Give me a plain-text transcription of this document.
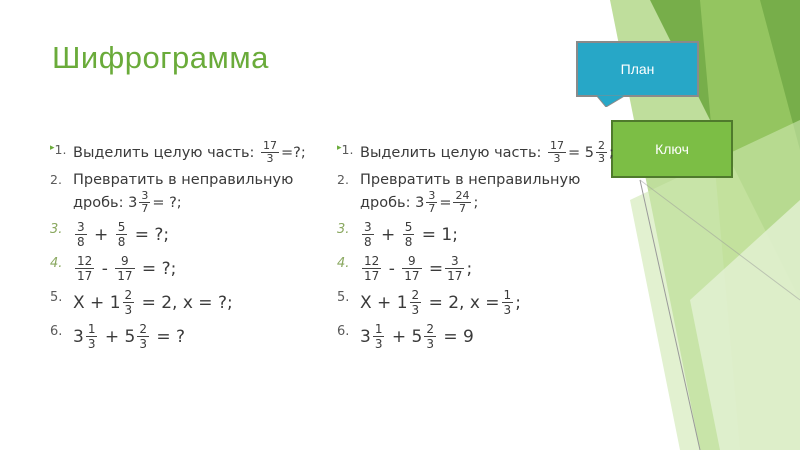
Шифрограмма	План
Ключ
▸ 1. Выделить целую часть:
$\frac{17}{3}$ =?;
2. Превратить в неправильную
дробь: $3 \frac{3}{7}$ = ?;
3. $\frac{3}{8}$
+
$\frac{5}{8}$
= ?;
4. $\frac{12}{17}$
-
$\frac{9}{17}$
= ?;
5. $X + 1 \frac{2}{3}$
= 2, x = ?;
6. $3 \frac{1}{3}$
+ $5 \frac{2}{3}$
= ?
▸ 1. Выделить целую часть:
$\frac{17}{3} = 5 \frac{2}{3}$ ;
2. Превратить в неправильную
дробь: $3 \frac{3}{7} = \frac{24}{7}$ ;
3. $\frac{3}{8}$
+
$\frac{5}{8}$
= 1;
4. $\frac{12}{17}$
-
$\frac{9}{17}$
= $\frac{3}{17}$ ;
5. $X + 1 \frac{2}{3}$
= 2, $x = \frac{1}{3}$ ;
6. $3 \frac{1}{3}$
+ $5 \frac{2}{3}$
= 9
